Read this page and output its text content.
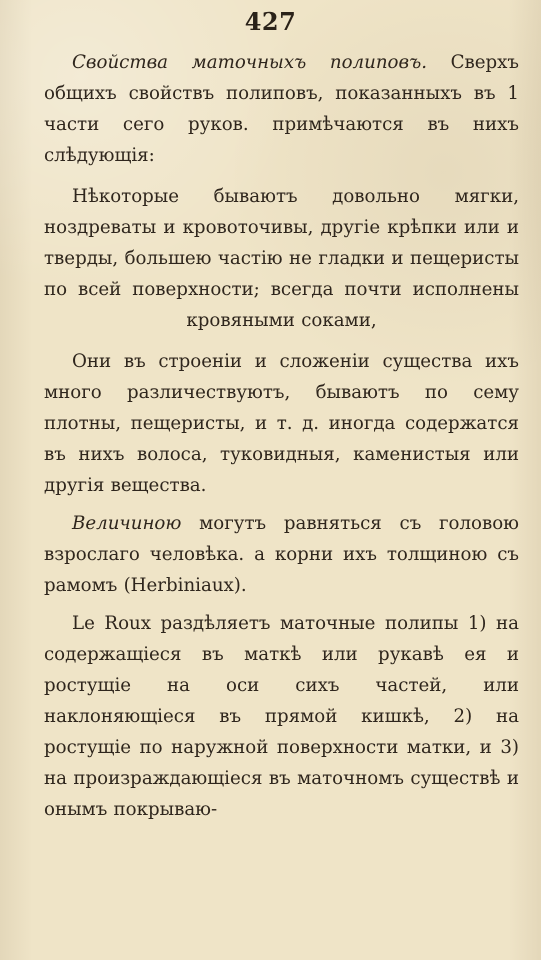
427

Свойства маточныхъ полиповъ. Сверхъ общихъ свойствъ полиповъ, показанныхъ въ 1 части сего руков. примѣчаются въ нихъ слѣдующія:

Нѣкоторые бываютъ довольно мягки, ноздреваты и кровоточивы, другіе крѣпки или и тверды, большею частію не гладки и пещеристы по всей поверхности; всегда почти исполнены кровяными соками,

Они въ строеніи и сложеніи существа ихъ много различествуютъ, бываютъ по сему плотны, пещеристы, и т. д. иногда содержатся въ нихъ волоса, туковидныя, каменистыя или другія вещества.

Величиною могутъ равняться съ головою взрослаго человѣка. а корни ихъ толщиною съ рамомъ (Herbiniaux).

Le Roux раздѣляетъ маточные полипы 1) на содержащіеся въ маткѣ или рукавѣ ея и ростущіе на оси сихъ частей, или наклоняющіеся въ прямой кишкѣ, 2) на ростущіе по наружной поверхности матки, и 3) на произраждающіеся въ маточномъ существѣ и онымъ покрываю-
